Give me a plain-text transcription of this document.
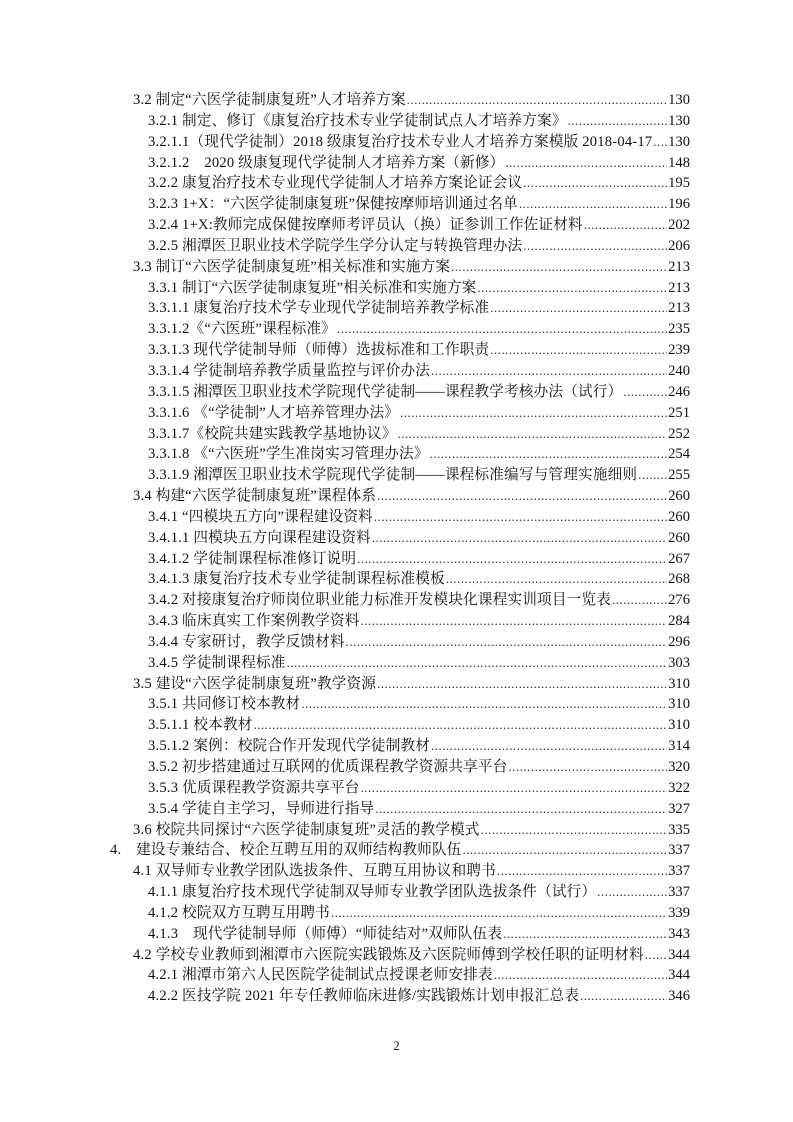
3.2 制定“六医学徒制康复班”人才培养方案 .....	130
3.2.1 制定、修订《康复治疗技术专业学徒制试点人才培养方案》 .....	130
3.2.1.1（现代学徒制）2018 级康复治疗技术专业人才培养方案模版 2018-04-17 ..... 130
3.2.1.2　2020 级康复现代学徒制人才培养方案（新修） .....	148
3.2.2 康复治疗技术专业现代学徒制人才培养方案论证会议 .....	195
3.2.3 1+X：“六医学徒制康复班”保健按摩师培训通过名单 .....	196
3.2.4 1+X:教师完成保健按摩师考评员认（换）证参训工作佐证材料 .....	202
3.2.5 湘潭医卫职业技术学院学生学分认定与转换管理办法 .....	206
3.3 制订“六医学徒制康复班”相关标准和实施方案 .....	213
3.3.1 制订“六医学徒制康复班”相关标准和实施方案 .....	213
3.3.1.1 康复治疗技术学专业现代学徒制培养教学标准 .....	213
3.3.1.2《“六医班”课程标准》 .....	235
3.3.1.3 现代学徒制导师（师傅）选拔标准和工作职责 .....	239
3.3.1.4 学徒制培养教学质量监控与评价办法 .....	240
3.3.1.5 湘潭医卫职业技术学院现代学徒制——课程教学考核办法（试行） .....	246
3.3.1.6 《“学徒制”人才培养管理办法》 .....	251
3.3.1.7《校院共建实践教学基地协议》 .....	252
3.3.1.8 《“六医班”学生准岗实习管理办法》 .....	254
3.3.1.9 湘潭医卫职业技术学院现代学徒制——课程标准编写与管理实施细则 ..... 255
3.4 构建“六医学徒制康复班”课程体系 .....	260
3.4.1 “四模块五方向”课程建设资料 .....	260
3.4.1.1 四模块五方向课程建设资料 .....	260
3.4.1.2 学徒制课程标准修订说明 .....	267
3.4.1.3 康复治疗技术专业学徒制课程标准模板 .....	268
3.4.2 对接康复治疗师岗位职业能力标准开发模块化课程实训项目一览表 .....	276
3.4.3 临床真实工作案例教学资料 .....	284
3.4.4 专家研讨，教学反馈材料 .....	296
3.4.5 学徒制课程标准 .....	303
3.5 建设“六医学徒制康复班”教学资源 .....	310
3.5.1 共同修订校本教材 .....	310
3.5.1.1 校本教材 .....	310
3.5.1.2 案例：校院合作开发现代学徒制教材 .....	314
3.5.2 初步搭建通过互联网的优质课程教学资源共享平台 .....	320
3.5.3 优质课程教学资源共享平台 .....	322
3.5.4 学徒自主学习，导师进行指导 .....	327
3.6 校院共同探讨“六医学徒制康复班”灵活的教学模式 .....	335
4.　建设专兼结合、校企互聘互用的双师结构教师队伍 .....	337
4.1 双导师专业教学团队选拔条件、互聘互用协议和聘书 .....	337
4.1.1 康复治疗技术现代学徒制双导师专业教学团队选拔条件（试行） .....	337
4.1.2 校院双方互聘互用聘书 .....	339
4.1.3　现代学徒制导师（师傅）“师徒结对”双师队伍表 .....	343
4.2 学校专业教师到湘潭市六医院实践锻炼及六医院师傅到学校任职的证明材料 ..... 344
4.2.1 湘潭市第六人民医院学徒制试点授课老师安排表 .....	344
4.2.2 医技学院 2021 年专任教师临床进修/实践锻炼计划申报汇总表 .....	346
2
